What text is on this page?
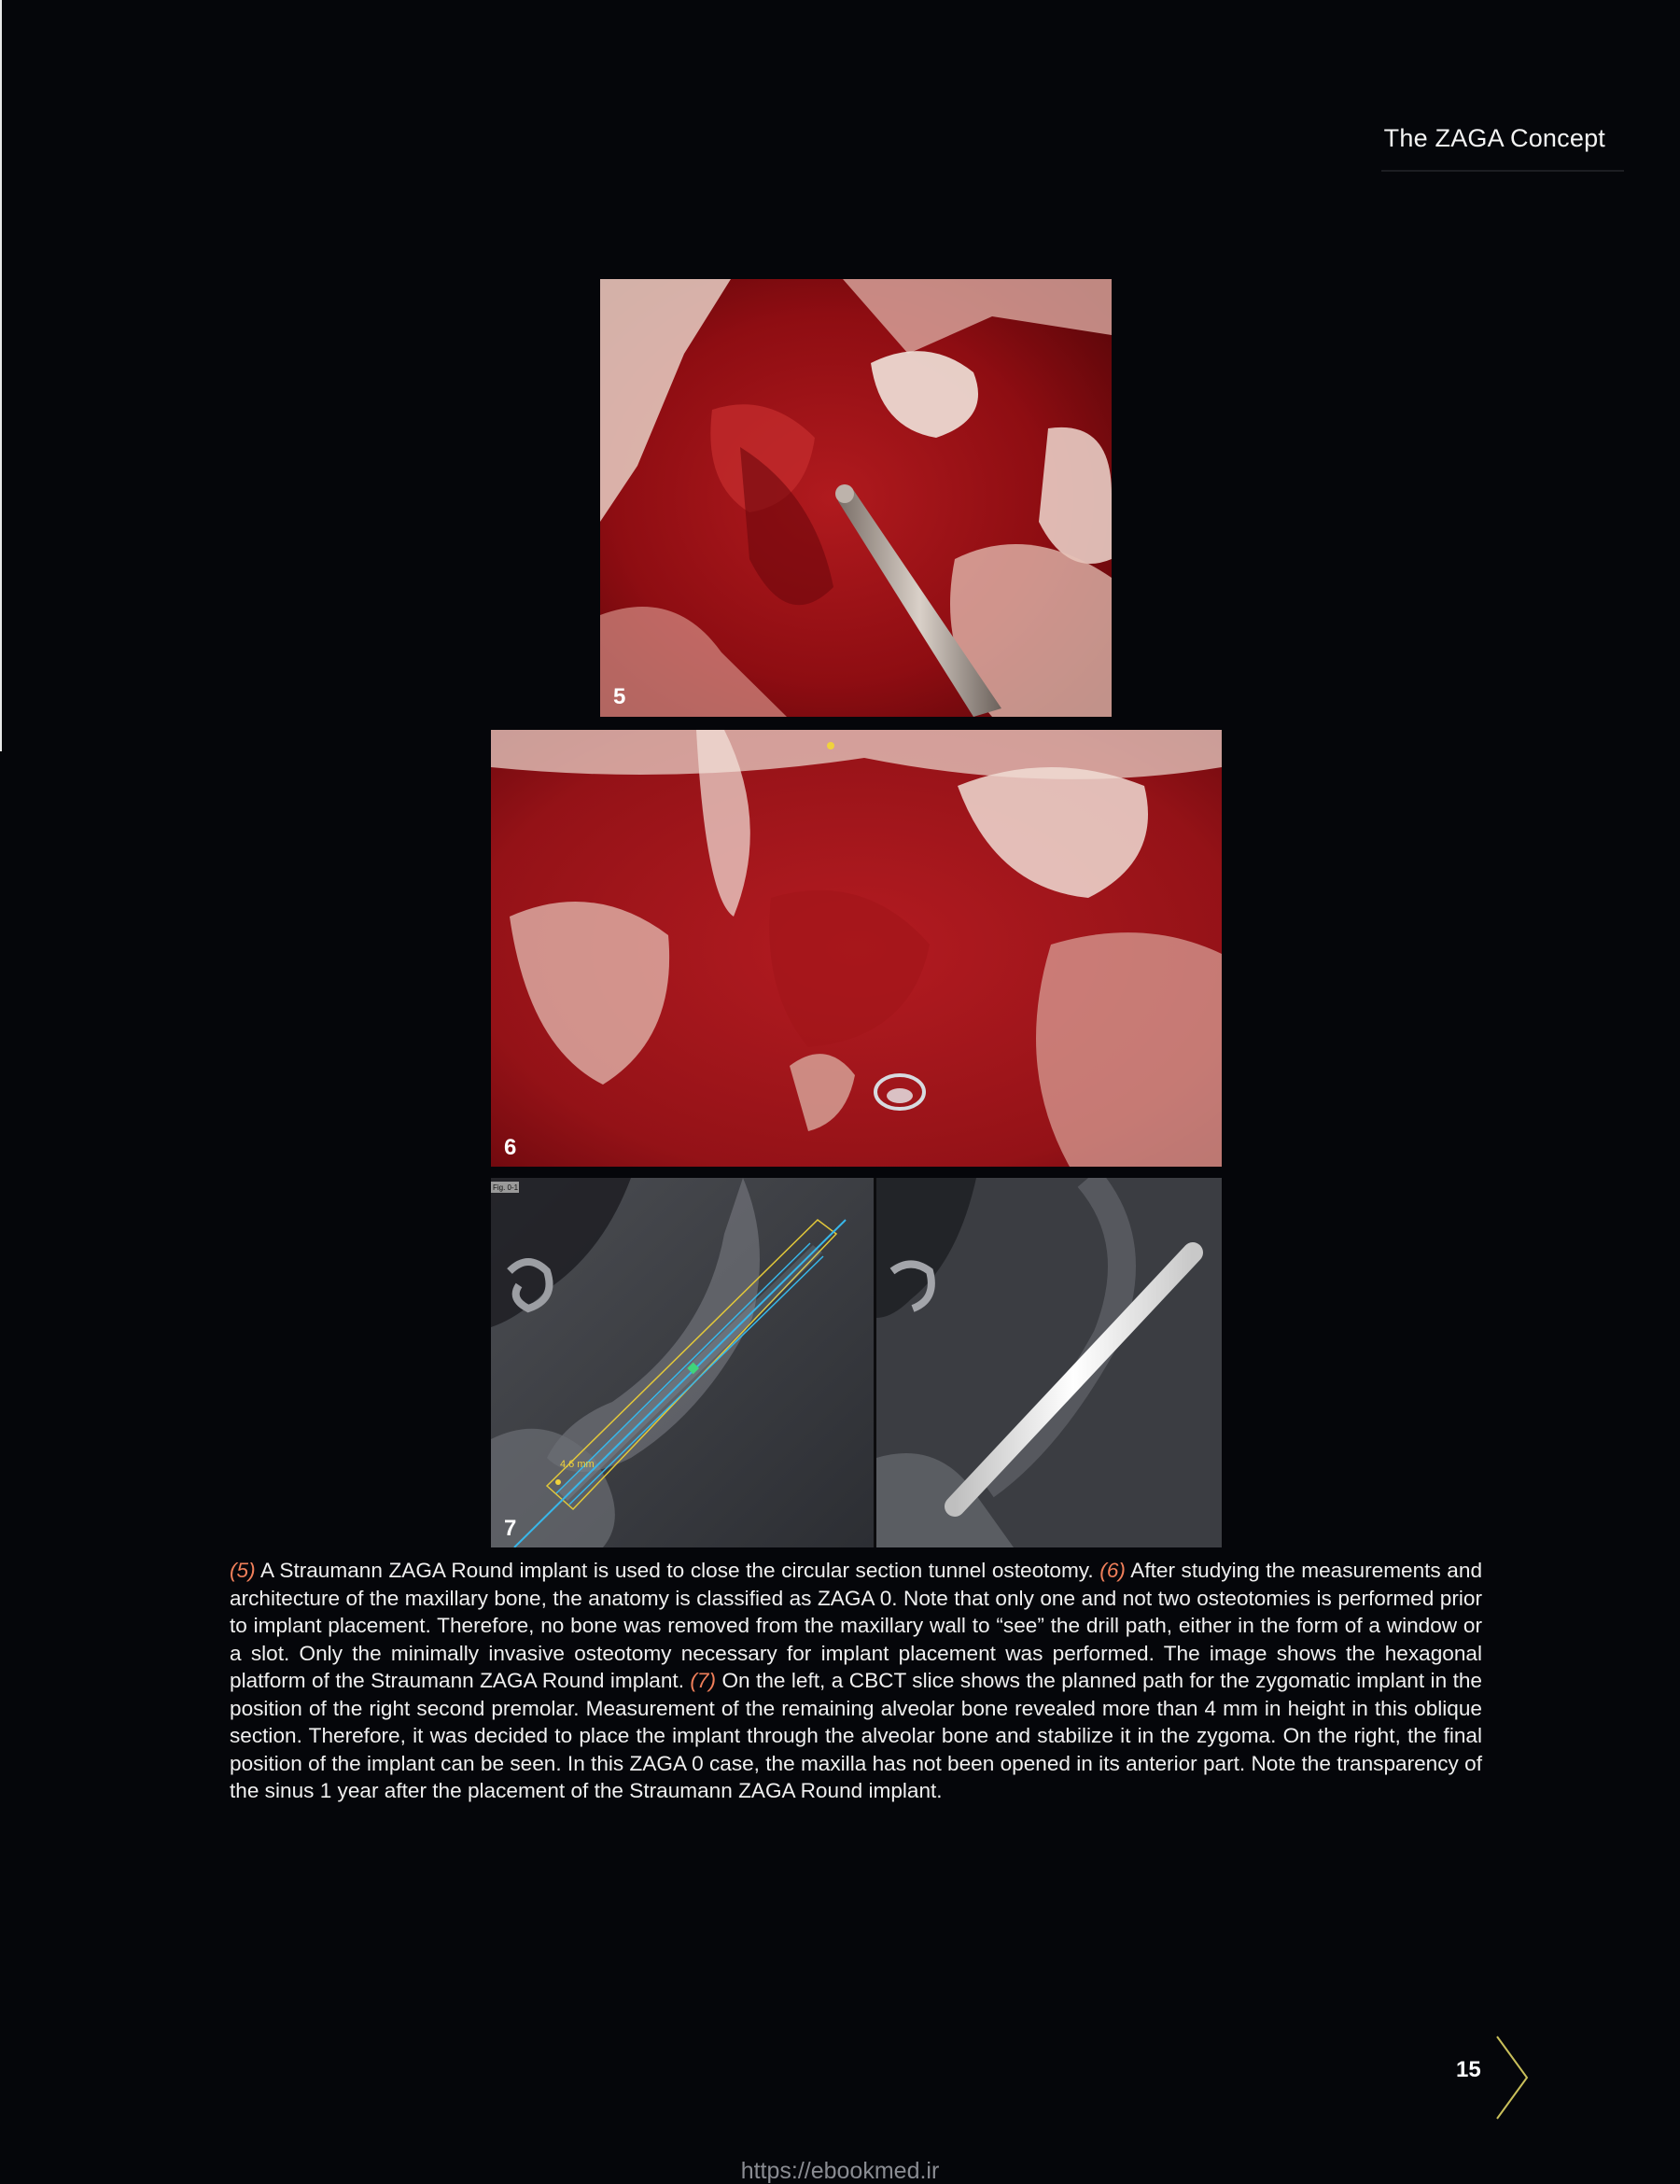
The ZAGA Concept
5
6
4.6 mm
Fig. 0-1
7
(5) A Straumann ZAGA Round implant is used to close the circular section tunnel osteotomy. (6) After studying the measurements and architecture of the maxillary bone, the anatomy is classified as ZAGA 0. Note that only one and not two osteotomies is performed prior to implant placement. Therefore, no bone was removed from the maxillary wall to “see” the drill path, either in the form of a window or a slot. Only the minimally invasive osteotomy necessary for implant placement was performed. The image shows the hexagonal platform of the Straumann ZAGA Round implant. (7) On the left, a CBCT slice shows the planned path for the zygomatic implant in the position of the right second premolar. Measurement of the remaining alveolar bone revealed more than 4 mm in height in this oblique section. Therefore, it was decided to place the implant through the alveolar bone and stabilize it in the zygoma. On the right, the final position of the implant can be seen. In this ZAGA 0 case, the maxilla has not been opened in its anterior part. Note the transparency of the sinus 1 year after the placement of the Straumann ZAGA Round implant.
15
https://ebookmed.ir
